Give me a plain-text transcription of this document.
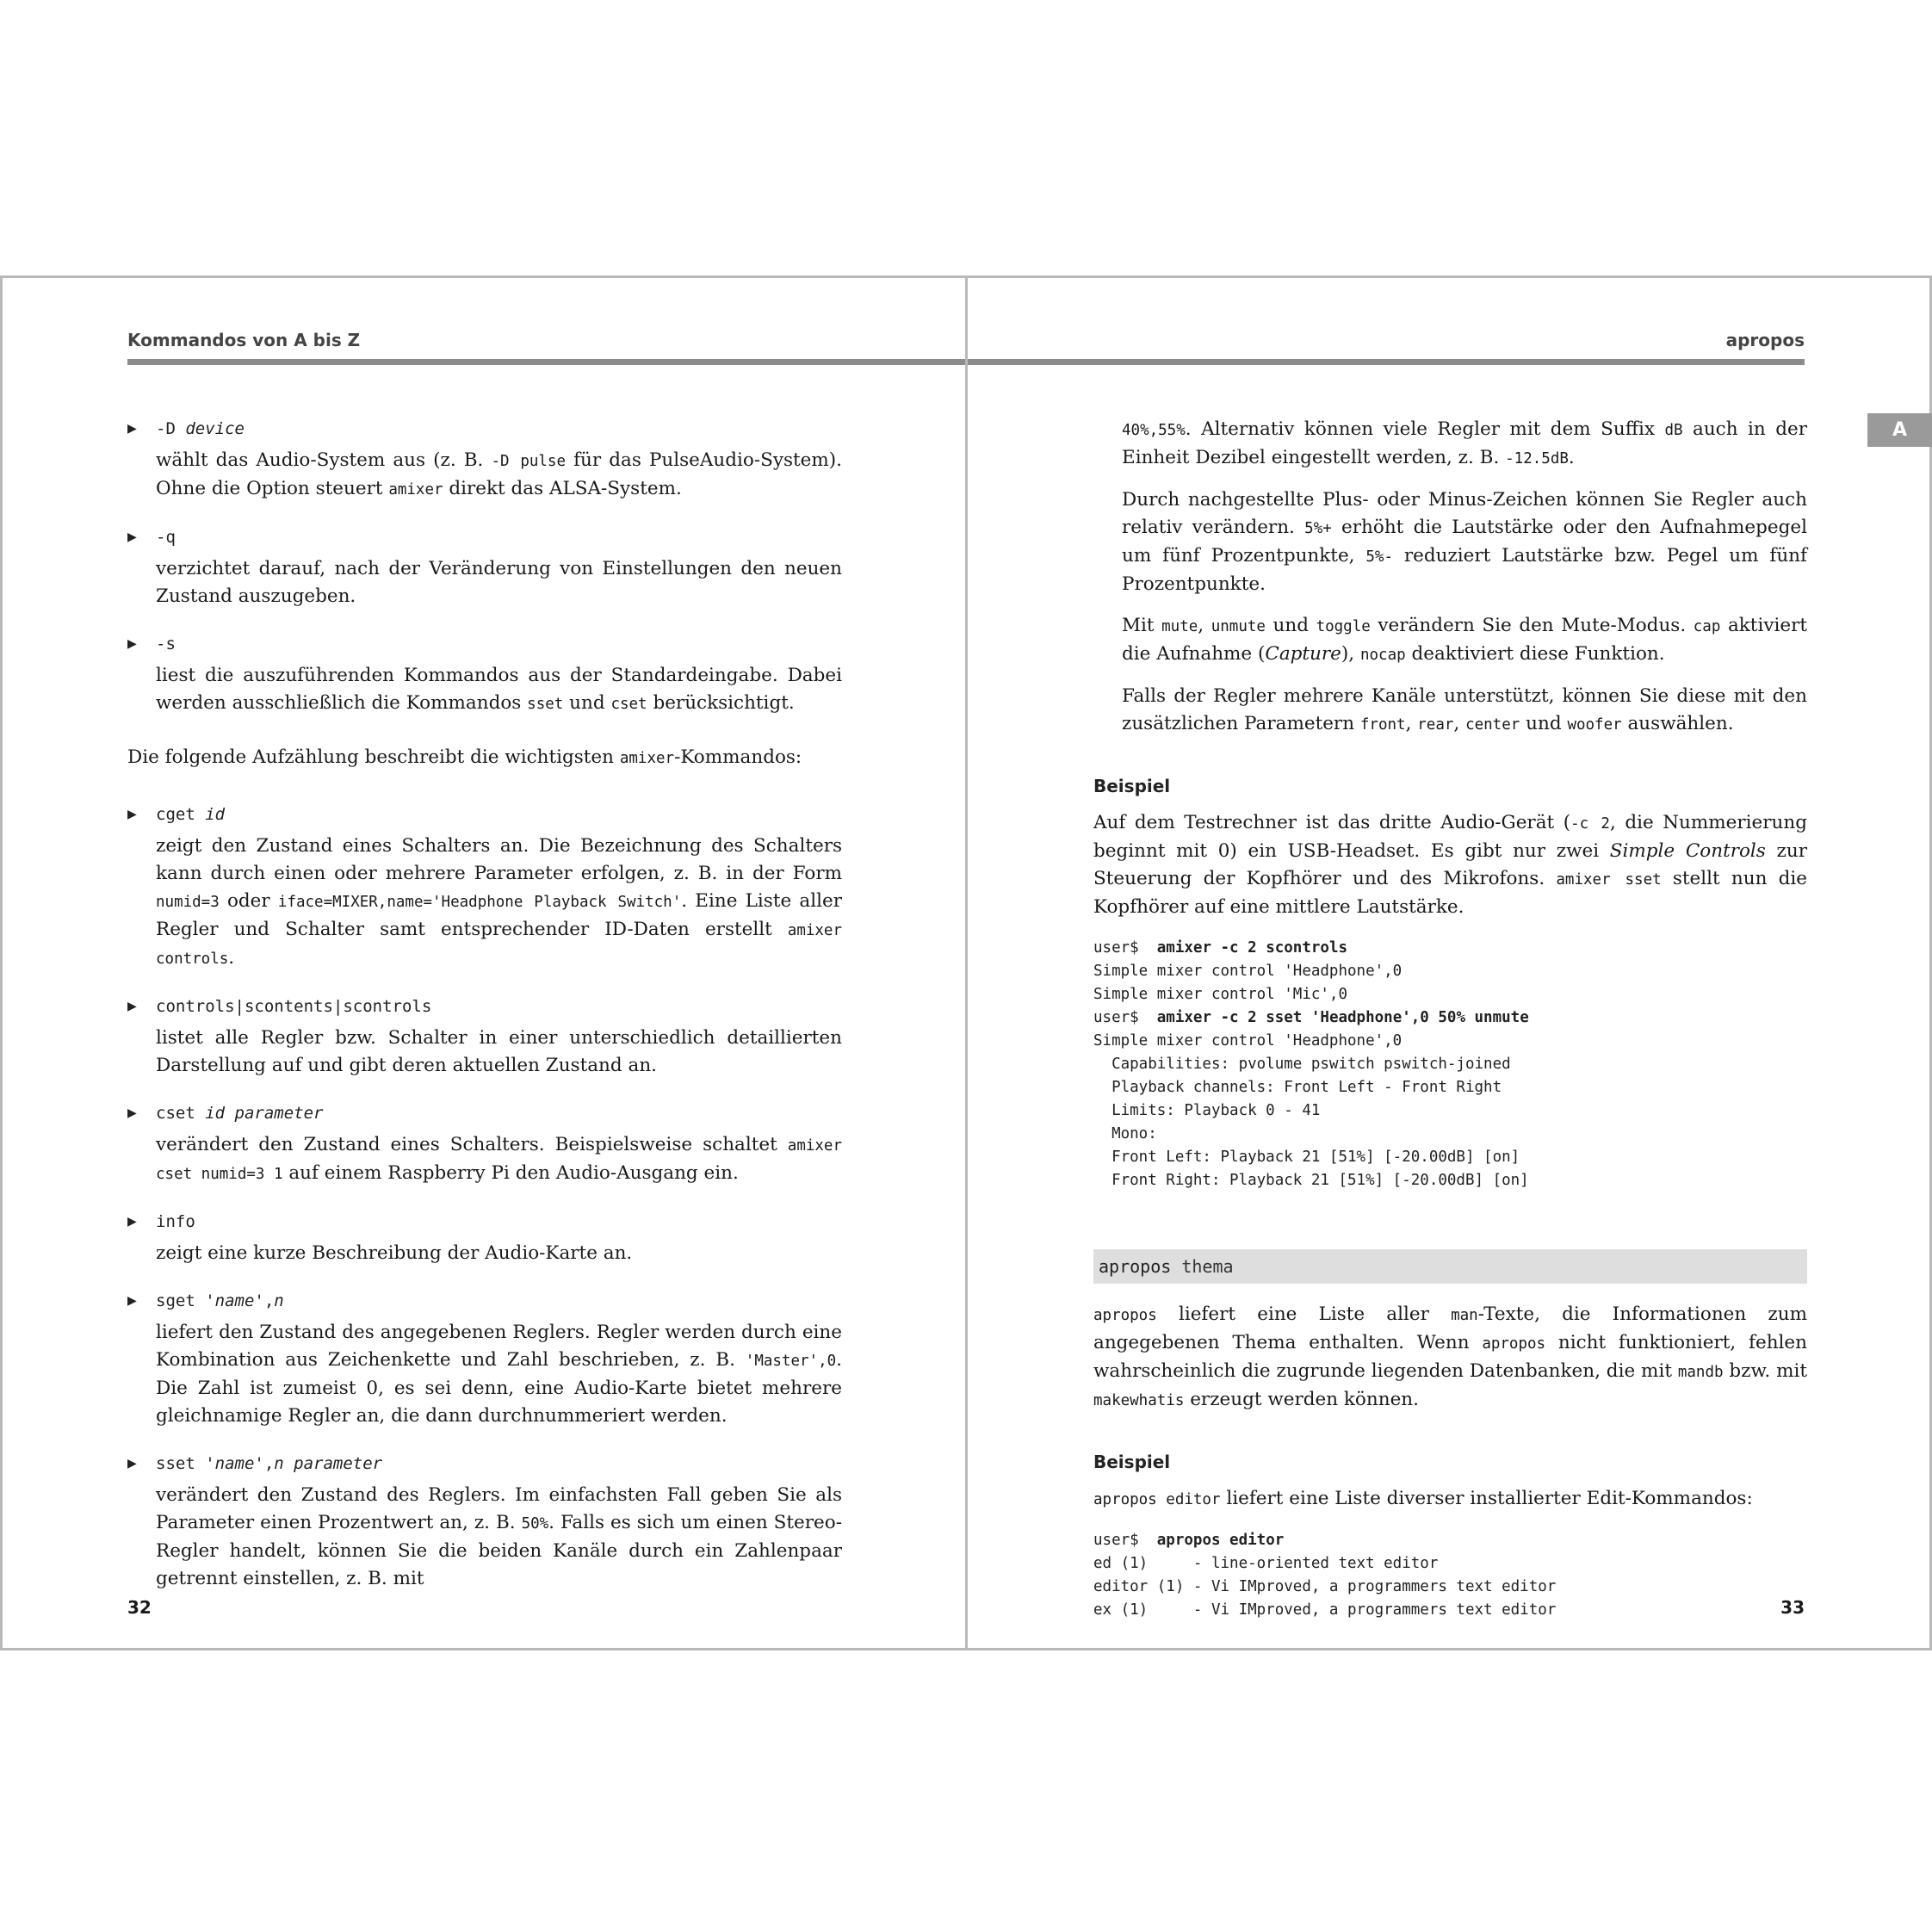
Kommandos von A bis Z
▶ -D device
wählt das Audio-System aus (z. B. -D pulse für das PulseAudio-System). Ohne die Option steuert amixer direkt das ALSA-System.
▶ -q
verzichtet darauf, nach der Veränderung von Einstellungen den neuen Zustand auszugeben.
▶ -s
liest die auszuführenden Kommandos aus der Standardeingabe. Dabei werden ausschließlich die Kommandos sset und cset berücksichtigt.

Die folgende Aufzählung beschreibt die wichtigsten amixer-Kommandos:

▶ cget id
zeigt den Zustand eines Schalters an. Die Bezeichnung des Schalters kann durch einen oder mehrere Parameter erfolgen, z. B. in der Form numid=3 oder iface=MIXER,name='Headphone Playback Switch'. Eine Liste aller Regler und Schalter samt entsprechender ID-Daten erstellt amixer controls.
▶ controls|scontents|scontrols
listet alle Regler bzw. Schalter in einer unterschiedlich detaillierten Darstellung auf und gibt deren aktuellen Zustand an.
▶ cset id parameter
verändert den Zustand eines Schalters. Beispielsweise schaltet amixer cset numid=3 1 auf einem Raspberry Pi den Audio-Ausgang ein.
▶ info
zeigt eine kurze Beschreibung der Audio-Karte an.
▶ sget 'name',n
liefert den Zustand des angegebenen Reglers. Regler werden durch eine Kombination aus Zeichenkette und Zahl beschrieben, z. B. 'Master',0. Die Zahl ist zumeist 0, es sei denn, eine Audio-Karte bietet mehrere gleichnamige Regler an, die dann durchnummeriert werden.
▶ sset 'name',n parameter
verändert den Zustand des Reglers. Im einfachsten Fall geben Sie als Parameter einen Prozentwert an, z. B. 50%. Falls es sich um einen Stereo-Regler handelt, können Sie die beiden Kanäle durch ein Zahlenpaar getrennt einstellen, z. B. mit
32
apropos

40%,55%. Alternativ können viele Regler mit dem Suffix dB auch in der Einheit Dezibel eingestellt werden, z. B. -12.5dB.

Durch nachgestellte Plus- oder Minus-Zeichen können Sie Regler auch relativ verändern. 5%+ erhöht die Lautstärke oder den Aufnahmepegel um fünf Prozentpunkte, 5%- reduziert Lautstärke bzw. Pegel um fünf Prozentpunkte.

Mit mute, unmute und toggle verändern Sie den Mute-Modus. cap aktiviert die Aufnahme (Capture), nocap deaktiviert diese Funktion.

Falls der Regler mehrere Kanäle unterstützt, können Sie diese mit den zusätzlichen Parametern front, rear, center und woofer auswählen.

Beispiel

Auf dem Testrechner ist das dritte Audio-Gerät (-c 2, die Nummerierung beginnt mit 0) ein USB-Headset. Es gibt nur zwei Simple Controls zur Steuerung der Kopfhörer und des Mikrofons. amixer sset stellt nun die Kopfhörer auf eine mittlere Lautstärke.

user$  amixer -c 2 scontrols
Simple mixer control 'Headphone',0
Simple mixer control 'Mic',0
user$  amixer -c 2 sset 'Headphone',0 50% unmute
Simple mixer control 'Headphone',0
Capabilities: pvolume pswitch pswitch-joined
Playback channels: Front Left - Front Right
Limits: Playback 0 - 41
Mono:
Front Left: Playback 21 [51%] [-20.00dB] [on]
Front Right: Playback 21 [51%] [-20.00dB] [on]
apropos thema

apropos liefert eine Liste aller man-Texte, die Informationen zum angegebenen Thema enthalten. Wenn apropos nicht funktioniert, fehlen wahrscheinlich die zugrunde liegenden Datenbanken, die mit mandb bzw. mit makewhatis erzeugt werden können.

Beispiel

apropos editor liefert eine Liste diverser installierter Edit-Kommandos:

user$  apropos editor
ed (1)     - line-oriented text editor
editor (1) - Vi IMproved, a programmers text editor
ex (1)     - Vi IMproved, a programmers text editor	33
A
